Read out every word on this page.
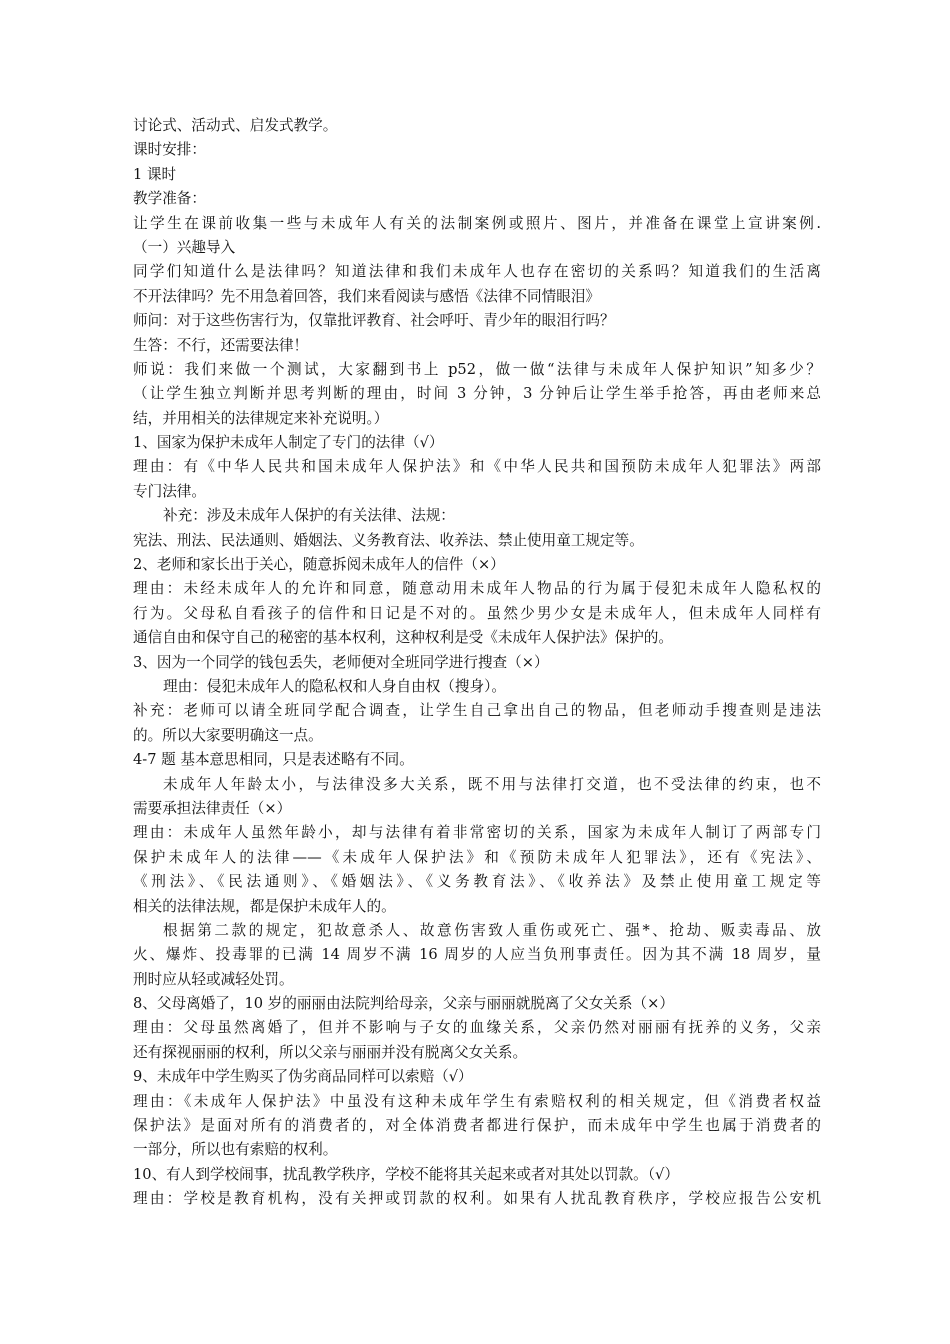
讨论式、活动式、启发式教学。
课时安排：
1 课时
教学准备：
让学生在课前收集一些与未成年人有关的法制案例或照片、图片，并准备在课堂上宣讲案例.
（一）兴趣导入
同学们知道什么是法律吗？知道法律和我们未成年人也存在密切的关系吗？知道我们的生活离
不开法律吗？先不用急着回答，我们来看阅读与感悟《法律不同情眼泪》
师问：对于这些伤害行为，仅靠批评教育、社会呼吁、青少年的眼泪行吗？
生答：不行，还需要法律！
师说：我们来做一个测试，大家翻到书上 p52，做一做“法律与未成年人保护知识”知多少？
（让学生独立判断并思考判断的理由，时间 3 分钟，3 分钟后让学生举手抢答，再由老师来总
结，并用相关的法律规定来补充说明。）
1、国家为保护未成年人制定了专门的法律（√）
理由：有《中华人民共和国未成年人保护法》和《中华人民共和国预防未成年人犯罪法》两部
专门法律。
补充：涉及未成年人保护的有关法律、法规：
宪法、刑法、民法通则、婚姻法、义务教育法、收养法、禁止使用童工规定等。
2、老师和家长出于关心，随意拆阅未成年人的信件（×）
理由：未经未成年人的允许和同意，随意动用未成年人物品的行为属于侵犯未成年人隐私权的
行为。父母私自看孩子的信件和日记是不对的。虽然少男少女是未成年人，但未成年人同样有
通信自由和保守自己的秘密的基本权利，这种权利是受《未成年人保护法》保护的。
3、因为一个同学的钱包丢失，老师便对全班同学进行搜查（×）
理由：侵犯未成年人的隐私权和人身自由权（搜身）。
补充：老师可以请全班同学配合调查，让学生自己拿出自己的物品，但老师动手搜查则是违法
的。所以大家要明确这一点。
4-7 题 基本意思相同，只是表述略有不同。
未成年人年龄太小，与法律没多大关系，既不用与法律打交道，也不受法律的约束，也不
需要承担法律责任（×）
理由：未成年人虽然年龄小，却与法律有着非常密切的关系，国家为未成年人制订了两部专门
保护未成年人的法律——《未成年人保护法》和《预防未成年人犯罪法》，还有《宪法》、
《刑法》、《民法通则》、《婚姻法》、《义务教育法》、《收养法》及禁止使用童工规定等
相关的法律法规，都是保护未成年人的。
根据第二款的规定，犯故意杀人、故意伤害致人重伤或死亡、强*、抢劫、贩卖毒品、放
火、爆炸、投毒罪的已满 14 周岁不满 16 周岁的人应当负刑事责任。因为其不满 18 周岁，量
刑时应从轻或减轻处罚。
8、父母离婚了，10 岁的丽丽由法院判给母亲，父亲与丽丽就脱离了父女关系（×）
理由：父母虽然离婚了，但并不影响与子女的血缘关系，父亲仍然对丽丽有抚养的义务，父亲
还有探视丽丽的权利，所以父亲与丽丽并没有脱离父女关系。
9、未成年中学生购买了伪劣商品同样可以索赔（√）
理由：《未成年人保护法》中虽没有这种未成年学生有索赔权利的相关规定，但《消费者权益
保护法》是面对所有的消费者的，对全体消费者都进行保护，而未成年中学生也属于消费者的
一部分，所以也有索赔的权利。
10、有人到学校闹事，扰乱教学秩序，学校不能将其关起来或者对其处以罚款。（√）
理由：学校是教育机构，没有关押或罚款的权利。如果有人扰乱教育秩序，学校应报告公安机
